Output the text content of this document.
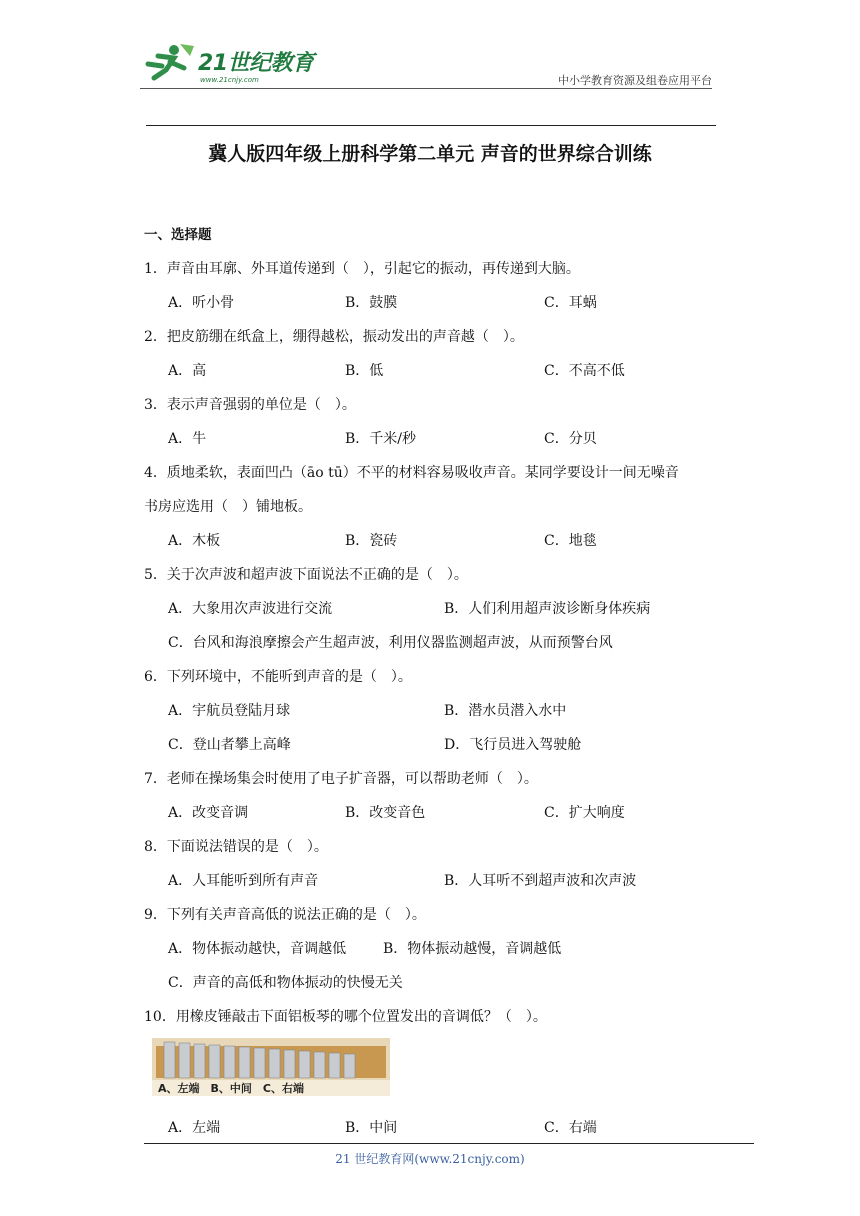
21世纪教育
www.21cnjy.com	中小学教育资源及组卷应用平台
冀人版四年级上册科学第二单元 声音的世界综合训练
一、选择题
1．声音由耳廓、外耳道传递到（　），引起它的振动，再传递到大脑。
A．听小骨	B．鼓膜	C．耳蜗
2．把皮筋绷在纸盒上，绷得越松，振动发出的声音越（　）。
A．高	B．低	C．不高不低
3．表示声音强弱的单位是（　）。
A．牛	B．千米/秒	C．分贝
4．质地柔软，表面凹凸（āo tū）不平的材料容易吸收声音。某同学要设计一间无噪音
书房应选用（　）铺地板。
A．木板	B．瓷砖	C．地毯
5．关于次声波和超声波下面说法不正确的是（　）。
A．大象用次声波进行交流	B．人们利用超声波诊断身体疾病
C．台风和海浪摩擦会产生超声波，利用仪器监测超声波，从而预警台风
6．下列环境中，不能听到声音的是（　）。
A．宇航员登陆月球	B．潜水员潜入水中
C．登山者攀上高峰	D．飞行员进入驾驶舱
7．老师在操场集会时使用了电子扩音器，可以帮助老师（　）。
A．改变音调	B．改变音色	C．扩大响度
8．下面说法错误的是（　）。
A．人耳能听到所有声音	B．人耳听不到超声波和次声波
9．下列有关声音高低的说法正确的是（　）。
A．物体振动越快，音调越低	B．物体振动越慢，音调越低
C．声音的高低和物体振动的快慢无关
10．用橡皮锤敲击下面铝板琴的哪个位置发出的音调低？（　）。
A、左端　B、中间　C、右端
A．左端	B．中间	C．右端
21 世纪教育网(www.21cnjy.com)
